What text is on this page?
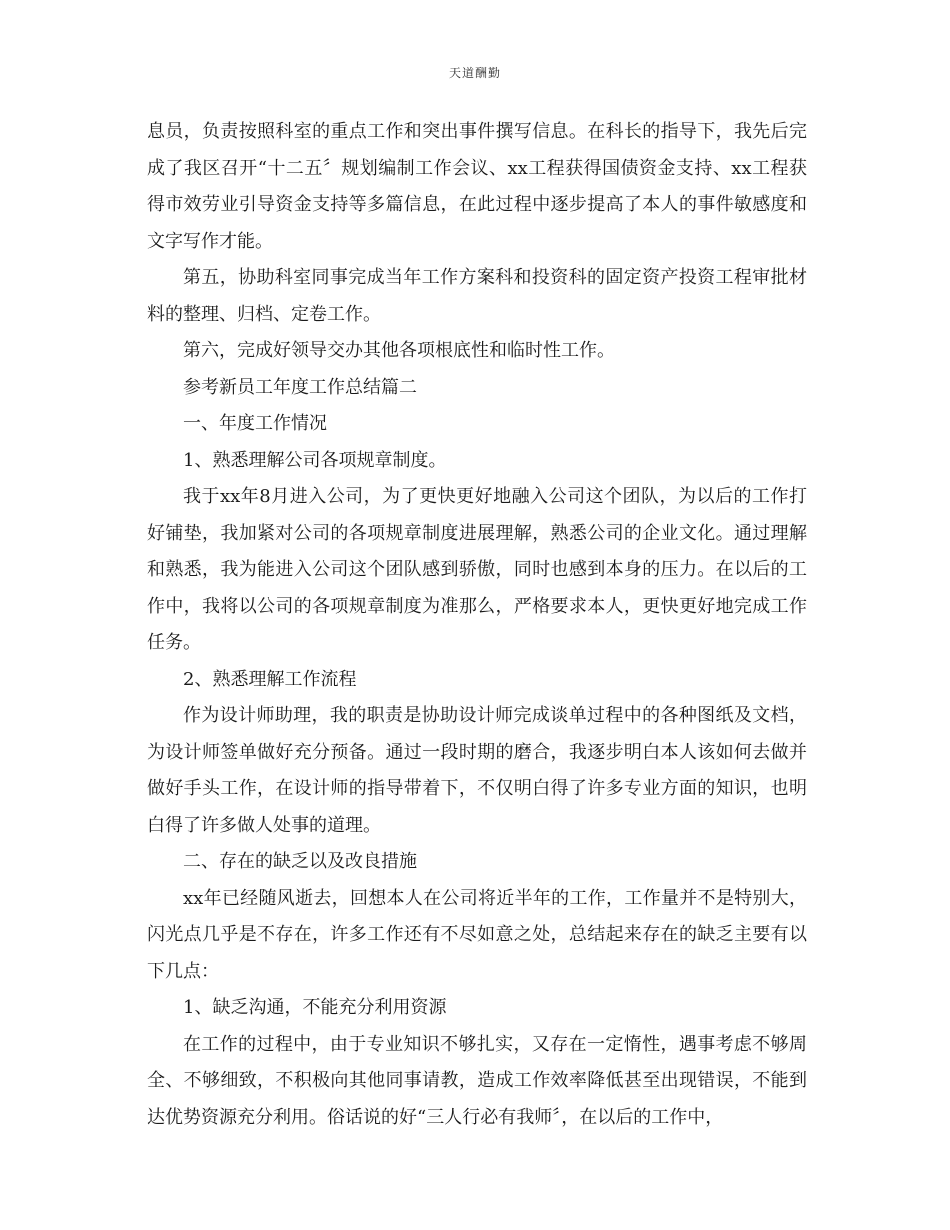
天道酬勤

息员，负责按照科室的重点工作和突出事件撰写信息。在科长的指导下，我先后完成了我区召开“十二五〞规划编制工作会议、xx工程获得国债资金支持、xx工程获得市效劳业引导资金支持等多篇信息，在此过程中逐步提高了本人的事件敏感度和文字写作才能。

第五，协助科室同事完成当年工作方案科和投资科的固定资产投资工程审批材料的整理、归档、定卷工作。

第六，完成好领导交办其他各项根底性和临时性工作。

参考新员工年度工作总结篇二

一、年度工作情况

1、熟悉理解公司各项规章制度。

我于xx年8月进入公司，为了更快更好地融入公司这个团队，为以后的工作打好铺垫，我加紧对公司的各项规章制度进展理解，熟悉公司的企业文化。通过理解和熟悉，我为能进入公司这个团队感到骄傲，同时也感到本身的压力。在以后的工作中，我将以公司的各项规章制度为准那么，严格要求本人，更快更好地完成工作任务。

2、熟悉理解工作流程

作为设计师助理，我的职责是协助设计师完成谈单过程中的各种图纸及文档，为设计师签单做好充分预备。通过一段时期的磨合，我逐步明白本人该如何去做并做好手头工作，在设计师的指导带着下，不仅明白得了许多专业方面的知识，也明白得了许多做人处事的道理。

二、存在的缺乏以及改良措施

xx年已经随风逝去，回想本人在公司将近半年的工作，工作量并不是特别大，闪光点几乎是不存在，许多工作还有不尽如意之处，总结起来存在的缺乏主要有以下几点：

1、缺乏沟通，不能充分利用资源

在工作的过程中，由于专业知识不够扎实，又存在一定惰性，遇事考虑不够周全、不够细致，不积极向其他同事请教，造成工作效率降低甚至出现错误，不能到达优势资源充分利用。俗话说的好“三人行必有我师〞，在以后的工作中，
